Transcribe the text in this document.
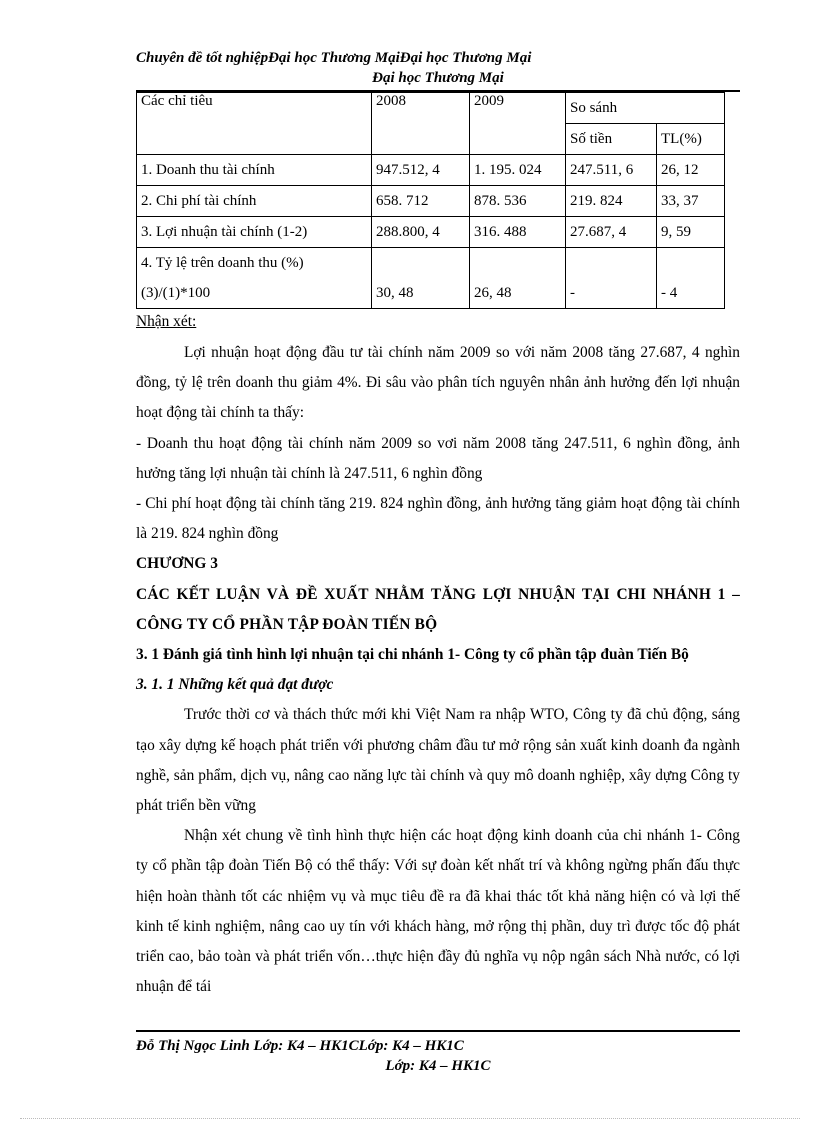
Chuyên đề tốt nghiệpĐại học Thương MạiĐại học Thương Mại
Đại học Thương Mại
Các chỉ tiêu	2008	2009	So sánh	
			Số tiền	TL(%)
1. Doanh thu tài chính	947.512, 4	1. 195. 024	247.511, 6	26, 12
2. Chi phí tài chính	658. 712	878. 536	219. 824	33, 37
3. Lợi nhuận tài chính (1-2)	288.800, 4	316. 488	27.687, 4	9, 59

4. Tỷ lệ trên doanh thu (%)
(3)/(1)*100	30, 48	26, 48	-	- 4

Nhận xét:

Lợi nhuận hoạt động đầu tư tài chính năm 2009 so với năm 2008 tăng 27.687, 4 nghìn đồng, tỷ lệ trên doanh thu giảm 4%. Đi sâu vào phân tích nguyên nhân ảnh hưởng đến lợi nhuận hoạt động tài chính ta thấy:

- Doanh thu hoạt động tài chính năm 2009 so vơi năm 2008 tăng 247.511, 6 nghìn đồng, ảnh hưởng tăng lợi nhuận tài chính là 247.511, 6 nghìn đồng

- Chi phí hoạt động tài chính tăng 219. 824 nghìn đồng, ảnh hưởng tăng giảm hoạt động tài chính là 219. 824 nghìn đồng

CHƯƠNG 3

CÁC KẾT LUẬN VÀ ĐỀ XUẤT NHẰM TĂNG LỢI NHUẬN TẠI CHI NHÁNH 1 – CÔNG TY CỔ PHẦN TẬP ĐOÀN TIẾN BỘ

3. 1 Đánh giá tình hình lợi nhuận tại chi nhánh 1- Công ty cổ phần tập đuàn Tiến Bộ

3. 1. 1 Những kết quả đạt được

Trước thời cơ và thách thức mới khi Việt Nam ra nhập WTO, Công ty đã chủ động, sáng tạo xây dựng kế hoạch phát triển với phương châm đầu tư mở rộng sản xuất kinh doanh đa ngành nghề, sản phẩm, dịch vụ, nâng cao năng lực tài chính và quy mô doanh nghiệp, xây dựng Công ty phát triển bền vững

Nhận xét chung về tình hình thực hiện các hoạt động kinh doanh của chi nhánh 1- Công ty cổ phần tập đoàn Tiến Bộ có thể thấy: Với sự đoàn kết nhất trí và không ngừng phấn đấu thực hiện hoàn thành tốt các nhiệm vụ và mục tiêu đề ra đã khai thác tốt khả năng hiện có và lợi thế kinh tế kinh nghiệm, nâng cao uy tín với khách hàng, mở rộng thị phần, duy trì được tốc độ phát triển cao, bảo toàn và phát triển vốn…thực hiện đầy đủ nghĩa vụ nộp ngân sách Nhà nước, có lợi nhuận để tái

Đỗ Thị Ngọc Linh Lớp: K4 – HK1CLớp: K4 – HK1C
Lớp: K4 – HK1C
